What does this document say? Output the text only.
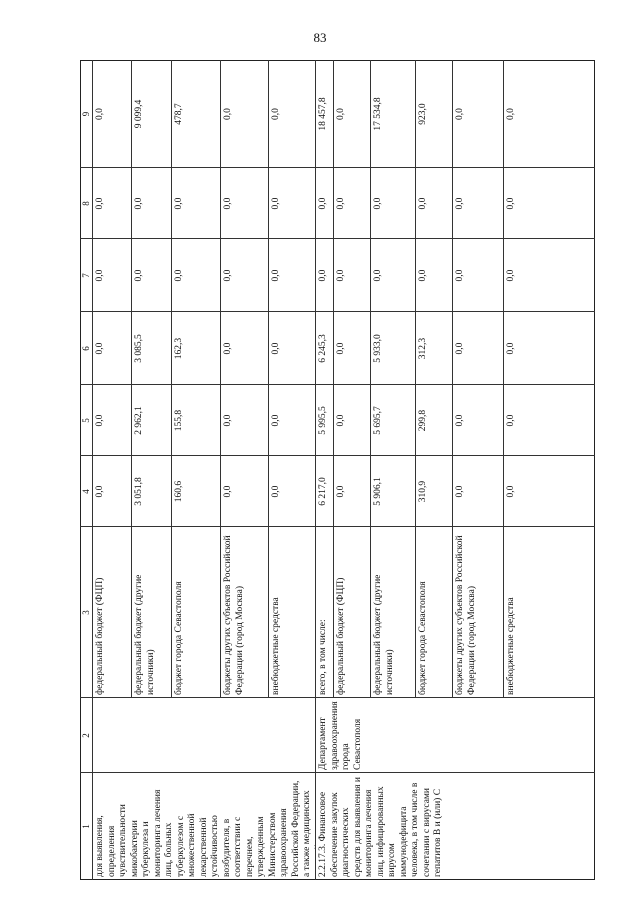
83
1
2
3
4
5
6
7
8
9
федеральный бюджет (ФЦП)
0,0
0,0
0,0
0,0
0,0
0,0
федеральный бюджет (другие источники)
3 051,8
2 962,1
3 085,5
0,0
0,0
9 099,4
бюджет города Севастополя
160,6
155,8
162,3
0,0
0,0
478,7
бюджеты других субъектов Российской Федерации (город Москва)
0,0
0,0
0,0
0,0
0,0
0,0
внебюджетные средства
0,0
0,0
0,0
0,0
0,0
0,0
всего, в том числе:
6 217,0
5 995,5
6 245,3
0,0
0,0
18 457,8
федеральный бюджет (ФЦП)
0,0
0,0
0,0
0,0
0,0
0,0
федеральный бюджет (другие источники)
5 906,1
5 695,7
5 933,0
0,0
0,0
17 534,8
бюджет города Севастополя
310,9
299,8
312,3
0,0
0,0
923,0
бюджеты других субъектов Российской Федерации (город Москва)
0,0
0,0
0,0
0,0
0,0
0,0
внебюджетные средства
0,0
0,0
0,0
0,0
0,0
0,0
для выявления, определения чувствительности микобактерии туберкулеза и мониторинга лечения лиц, больных туберкулезом с множественной лекарственной устойчивостью возбудителя, в соответствии с перечнем, утвержденным Министерством здравоохранения Российской Федерации, а также медицинских 2.2.17.3. Финансовое обеспечение закупок диагностических средств для выявления и мониторинга лечения лиц, инфицированных вирусом иммунодефицита человека, в том числе в сочетании с вирусами гепатитов B и (или) C
Департамент здравоохранения города Севастополя
